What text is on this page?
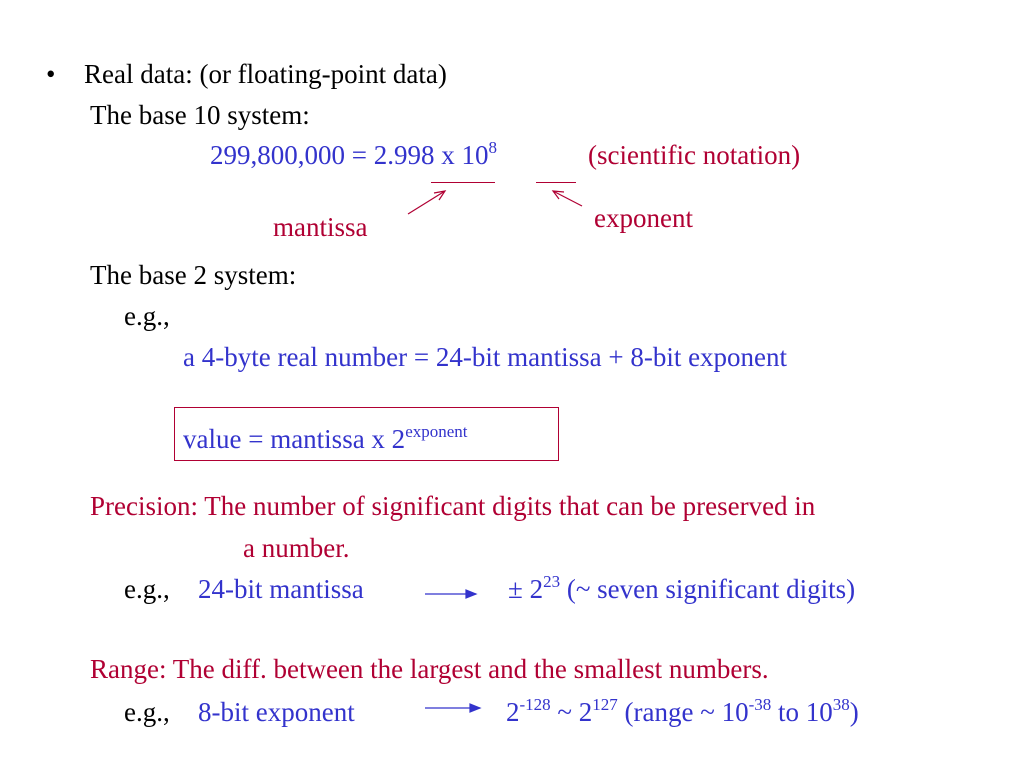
• Real data: (or floating-point data)
The base 10 system:
299,800,000 = 2.998 x $10^8$	(scientific notation)
mantissa	exponent
The base 2 system:
e.g.,
a 4-byte real number = 24-bit mantissa + 8-bit exponent
value = mantissa x $2^{exponent}$
Precision: The number of significant digits that can be preserved in
a number.
e.g., 24-bit mantissa	± $2^{23}$ (~ seven significant digits)
Range: The diff. between the largest and the smallest numbers.
e.g., 8-bit exponent	$2^{-128}$ ~ $2^{127}$ (range ~ $10^{-38}$ to $10^{38}$)
